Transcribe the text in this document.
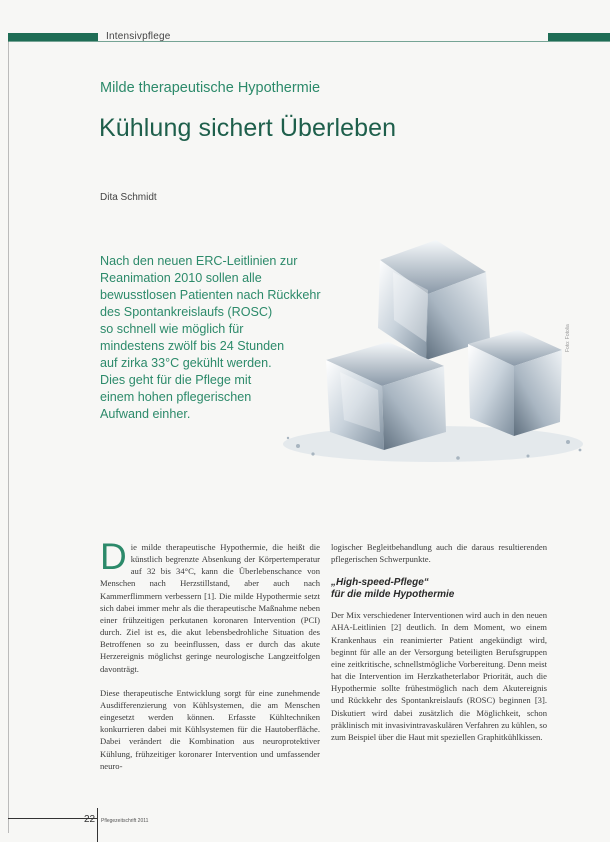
Intensivpflege
Milde therapeutische Hypothermie
Kühlung sichert Überleben
Dita Schmidt
Nach den neuen ERC-Leitlinien zur
Reanimation 2010 sollen alle
bewusstlosen Patienten nach Rückkehr
des Spontankreislaufs (ROSC)
so schnell wie möglich für
mindestens zwölf bis 24 Stunden
auf zirka 33°C gekühlt werden.
Dies geht für die Pflege mit
einem hohen pflegerischen
Aufwand einher.
Foto: Fotolia
D ie milde therapeutische Hypothermie, die heißt die künstlich begrenzte Absenkung der Körpertemperatur auf 32 bis 34°C, kann die Überlebenschance von Menschen nach Herzstillstand, aber auch nach Kammerflimmern verbessern [1]. Die milde Hypothermie setzt sich dabei immer mehr als die therapeutische Maßnahme neben einer frühzeitigen perkutanen koronaren Intervention (PCI) durch. Ziel ist es, die akut lebensbedrohliche Situation des Betroffenen so zu beeinflussen, dass er durch das akute Herzereignis möglichst geringe neurologische Langzeitfolgen davonträgt.

Diese therapeutische Entwicklung sorgt für eine zunehmende Ausdifferenzierung von Kühlsystemen, die am Menschen eingesetzt werden können. Erfasste Kühltechniken konkurrieren dabei mit Kühlsystemen für die Hautoberfläche. Dabei verändert die Kombination aus neuroprotektiver Kühlung, frühzeitiger koronarer Intervention und umfassender neuro-

logischer Begleitbehandlung auch die daraus resultierenden pflegerischen Schwerpunkte.

„High-speed-Pflege“
für die milde Hypothermie

Der Mix verschiedener Interventionen wird auch in den neuen AHA-Leitlinien [2] deutlich. In dem Moment, wo einem Krankenhaus ein reanimierter Patient angekündigt wird, beginnt für alle an der Versorgung beteiligten Berufsgruppen eine zeitkritische, schnellstmögliche Vorbereitung. Denn meist hat die Intervention im Herzkatheterlabor Priorität, auch die Hypothermie sollte frühestmöglich nach dem Akutereignis und Rückkehr des Spontankreislaufs (ROSC) beginnen [3]. Diskutiert wird dabei zusätzlich die Möglichkeit, schon präklinisch mit invasivintravaskulären Verfahren zu kühlen, so zum Beispiel über die Haut mit speziellen Graphitkühlkissen.

22 Pflegezeitschrift 2011
